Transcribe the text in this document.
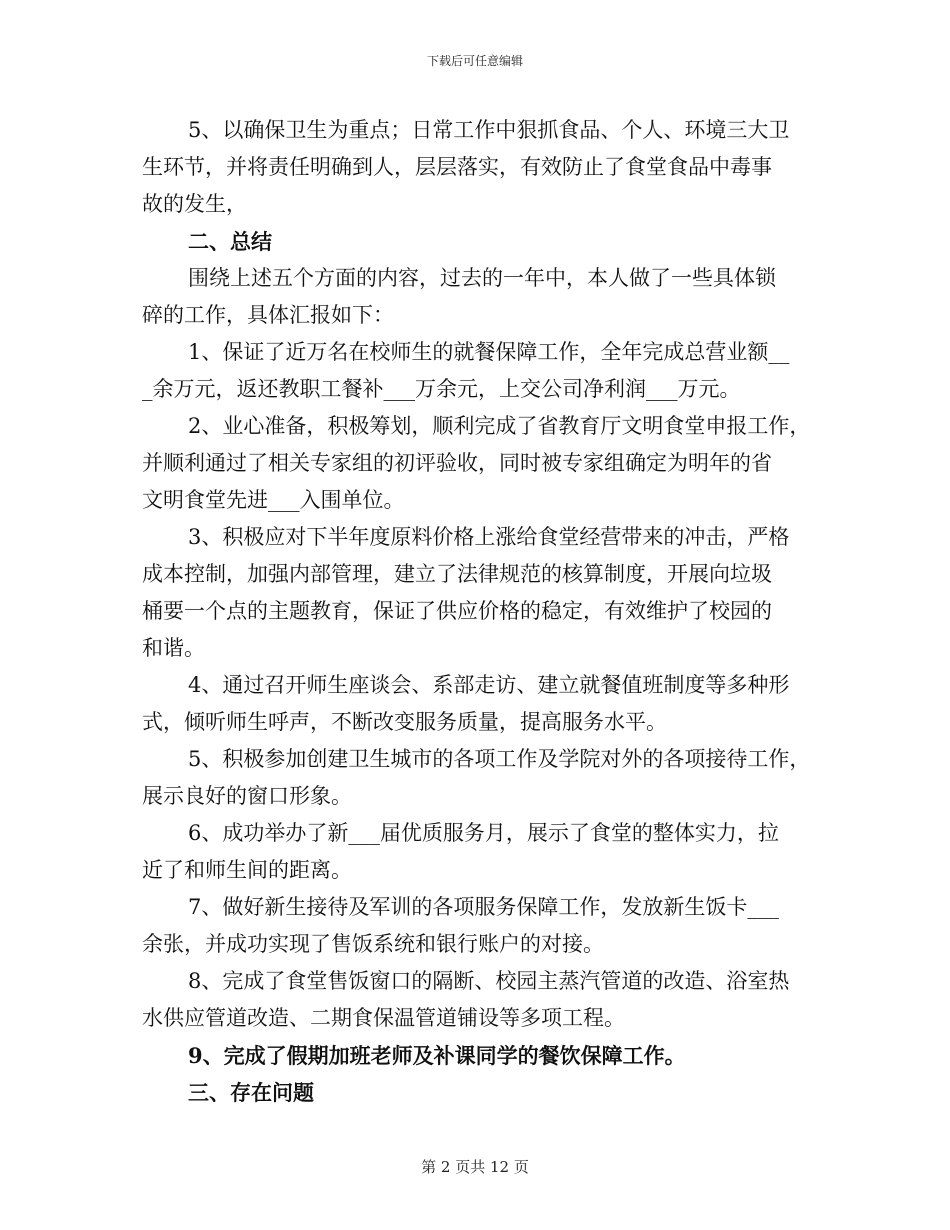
下载后可任意编辑

5、以确保卫生为重点；日常工作中狠抓食品、个人、环境三大卫
生环节，并将责任明确到人，层层落实，有效防止了食堂食品中毒事
故的发生，

二、总结

围绕上述五个方面的内容，过去的一年中，本人做了一些具体锁
碎的工作，具体汇报如下：

1、保证了近万名在校师生的就餐保障工作，全年完成总营业额__
_余万元，返还教职工餐补___万余元，上交公司净利润___万元。

2、业心准备，积极筹划，顺利完成了省教育厅文明食堂申报工作，
并顺利通过了相关专家组的初评验收，同时被专家组确定为明年的省
文明食堂先进___入围单位。

3、积极应对下半年度原料价格上涨给食堂经营带来的冲击，严格
成本控制，加强内部管理，建立了法律规范的核算制度，开展向垃圾
桶要一个点的主题教育，保证了供应价格的稳定，有效维护了校园的
和谐。

4、通过召开师生座谈会、系部走访、建立就餐值班制度等多种形
式，倾听师生呼声，不断改变服务质量，提高服务水平。

5、积极参加创建卫生城市的各项工作及学院对外的各项接待工作，
展示良好的窗口形象。

6、成功举办了新___届优质服务月，展示了食堂的整体实力，拉
近了和师生间的距离。

7、做好新生接待及军训的各项服务保障工作，发放新生饭卡___
余张，并成功实现了售饭系统和银行账户的对接。

8、完成了食堂售饭窗口的隔断、校园主蒸汽管道的改造、浴室热
水供应管道改造、二期食保温管道铺设等多项工程。

9、完成了假期加班老师及补课同学的餐饮保障工作。

三、存在问题

第 2 页共 12 页
